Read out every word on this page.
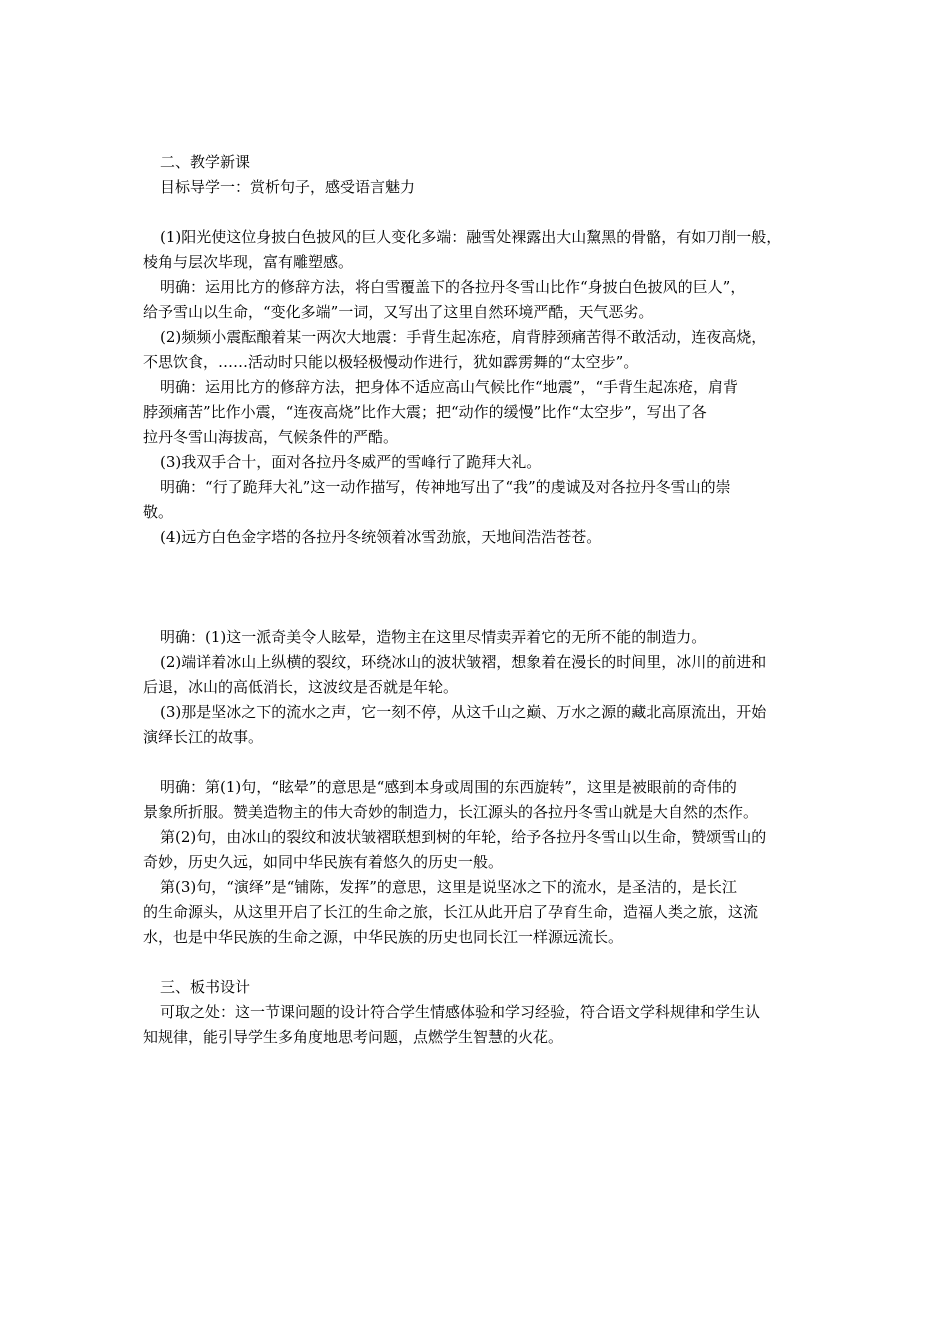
二、教学新课
目标导学一：赏析句子，感受语言魅力
(1)阳光使这位身披白色披风的巨人变化多端：融雪处裸露出大山黧黑的骨骼，有如刀削一般，
棱角与层次毕现，富有雕塑感。
明确：运用比方的修辞方法，将白雪覆盖下的各拉丹冬雪山比作“身披白色披风的巨人”，
给予雪山以生命，“变化多端”一词，又写出了这里自然环境严酷，天气恶劣。
(2)频频小震酝酿着某一两次大地震：手背生起冻疮，肩背脖颈痛苦得不敢活动，连夜高烧，
不思饮食，……活动时只能以极轻极慢动作进行，犹如霹雳舞的“太空步”。
明确：运用比方的修辞方法，把身体不适应高山气候比作“地震”，“手背生起冻疮，肩背
脖颈痛苦”比作小震，“连夜高烧”比作大震；把“动作的缓慢”比作“太空步”，写出了各
拉丹冬雪山海拔高，气候条件的严酷。
(3)我双手合十，面对各拉丹冬威严的雪峰行了跪拜大礼。
明确：“行了跪拜大礼”这一动作描写，传神地写出了“我”的虔诚及对各拉丹冬雪山的崇
敬。
(4)远方白色金字塔的各拉丹冬统领着冰雪劲旅，天地间浩浩苍苍。
明确：(1)这一派奇美令人眩晕，造物主在这里尽情卖弄着它的无所不能的制造力。
(2)端详着冰山上纵横的裂纹，环绕冰山的波状皱褶，想象着在漫长的时间里，冰川的前进和
后退，冰山的高低消长，这波纹是否就是年轮。
(3)那是坚冰之下的流水之声，它一刻不停，从这千山之巅、万水之源的藏北高原流出，开始
演绎长江的故事。
明确：第(1)句，“眩晕”的意思是“感到本身或周围的东西旋转”，这里是被眼前的奇伟的
景象所折服。赞美造物主的伟大奇妙的制造力，长江源头的各拉丹冬雪山就是大自然的杰作。
第(2)句，由冰山的裂纹和波状皱褶联想到树的年轮，给予各拉丹冬雪山以生命，赞颂雪山的
奇妙，历史久远，如同中华民族有着悠久的历史一般。
第(3)句，“演绎”是“铺陈，发挥”的意思，这里是说坚冰之下的流水，是圣洁的，是长江
的生命源头，从这里开启了长江的生命之旅，长江从此开启了孕育生命，造福人类之旅，这流
水，也是中华民族的生命之源，中华民族的历史也同长江一样源远流长。
三、板书设计
可取之处：这一节课问题的设计符合学生情感体验和学习经验，符合语文学科规律和学生认
知规律，能引导学生多角度地思考问题，点燃学生智慧的火花。
